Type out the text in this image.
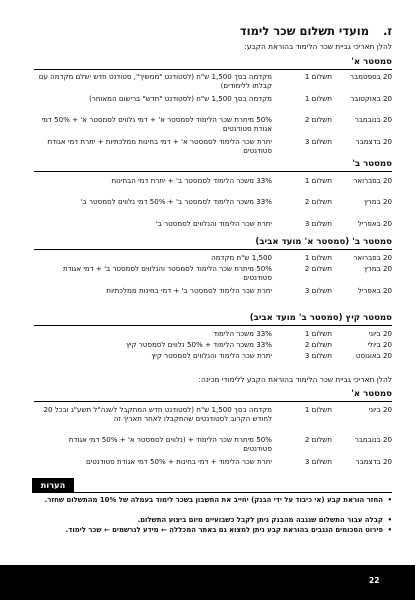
ז.
מועדי תשלום שכר לימוד
להלן תאריכי גביית שכר הלימוד בהוראת הקבע:
סמסטר א'
20 בספטמבר
תשלום 1
מקדמה בסך 1,500 ש"ח (לסטודנט "ממשיך", סטודנט חדש ישלם מקדמה עם קבלתו ללימודים)
20 באוקטובר
תשלום 1
מקדמה בסך 1,500 ש"ח (לסטודנט "חדש" ברישום המאוחר)
20 בנובמבר
תשלום 2
50% מיתרת שכר הלימוד לסמסטר א' + דמי נלווים לסמסטר א' + 50% דמי אגודת סטודנטים
20 בדצמבר
תשלום 3
יתרת שכר הלימוד לסמסטר א' + דמי בחינות ממלכתיות + יתרת דמי אגודת סטודנטים
סמסטר ב'
20 בפברואר
תשלום 1
33% משכר הלימוד לסמסטר ב' + יתרת דמי הבחינות
20 במרץ
תשלום 2
33% משכר הלימוד לסמסטר ב' + 50% דמי נלווים לסמסטר ב'
20 באפריל
תשלום 3
יתרת שכר הלימוד והנלווים לסמסטר ב'
סמסטר ב' (סמסטר א' מועד אביב)
20 בפברואר
תשלום 1
1,500 ש"ח מקדמה
20 במרץ
תשלום 2
50% מיתרת שכר הלימוד לסמסטר והנלווים לסמסטר ב' + דמי אגודת סטודנטים
20 באפריל
תשלום 3
יתרת שכר הלימוד לסמסטר ב' + דמי בחינות ממלכתיות
סמסטר קיץ (סמסטר ב' מועד אביב)
20 ביוני
תשלום 1
33% משכר הלימוד
20 ביולי
תשלום 2
33% משכר הלימוד + 50% נלווים לסמסטר קיץ
20 באוגוסט
תשלום 3
יתרת שכר הלימוד והנלווים לסמסטר קיץ
להלן תאריכי גביית שכר הלימוד בהוראת הקבע ללימודי מכינה:
סמסטר א'
20 ביוני
תשלום 1
מקדמה בסך 1,500 ש"ח (לסטודנט חדש המתקבל לשנה"ל תשע"ג ובכל 20 לחודש הקרוב לסטודנטים שהתקבלו לאחר תאריך זה
20 בנובמבר
תשלום 2
50% מיתרת שכר הלימוד + (נלווים לסמסטר א' + 50% דמי אגודת סטודנטים
20 בדצמבר
תשלום 3
יתרת שכר הלימוד + דמי בחינות + 50% דמי אגודת סטודנטים
הערות
•
החזר הוראת קבע (אי כיבוד על ידי הבנק) יחייב את החשבון בשכר לימוד בעמלה של 10% מהתשלום שחזר.
•
קבלה עבור התשלום שנגבה מהבנק ניתן לקבל כשבועיים מיום ביצוע התשלום.
•
פירוט הסכומים הנגבים בהוראת קבע ניתן למצוא גם באתר המכללה ← מידע לנרשמים ← שכר לימוד.
22
